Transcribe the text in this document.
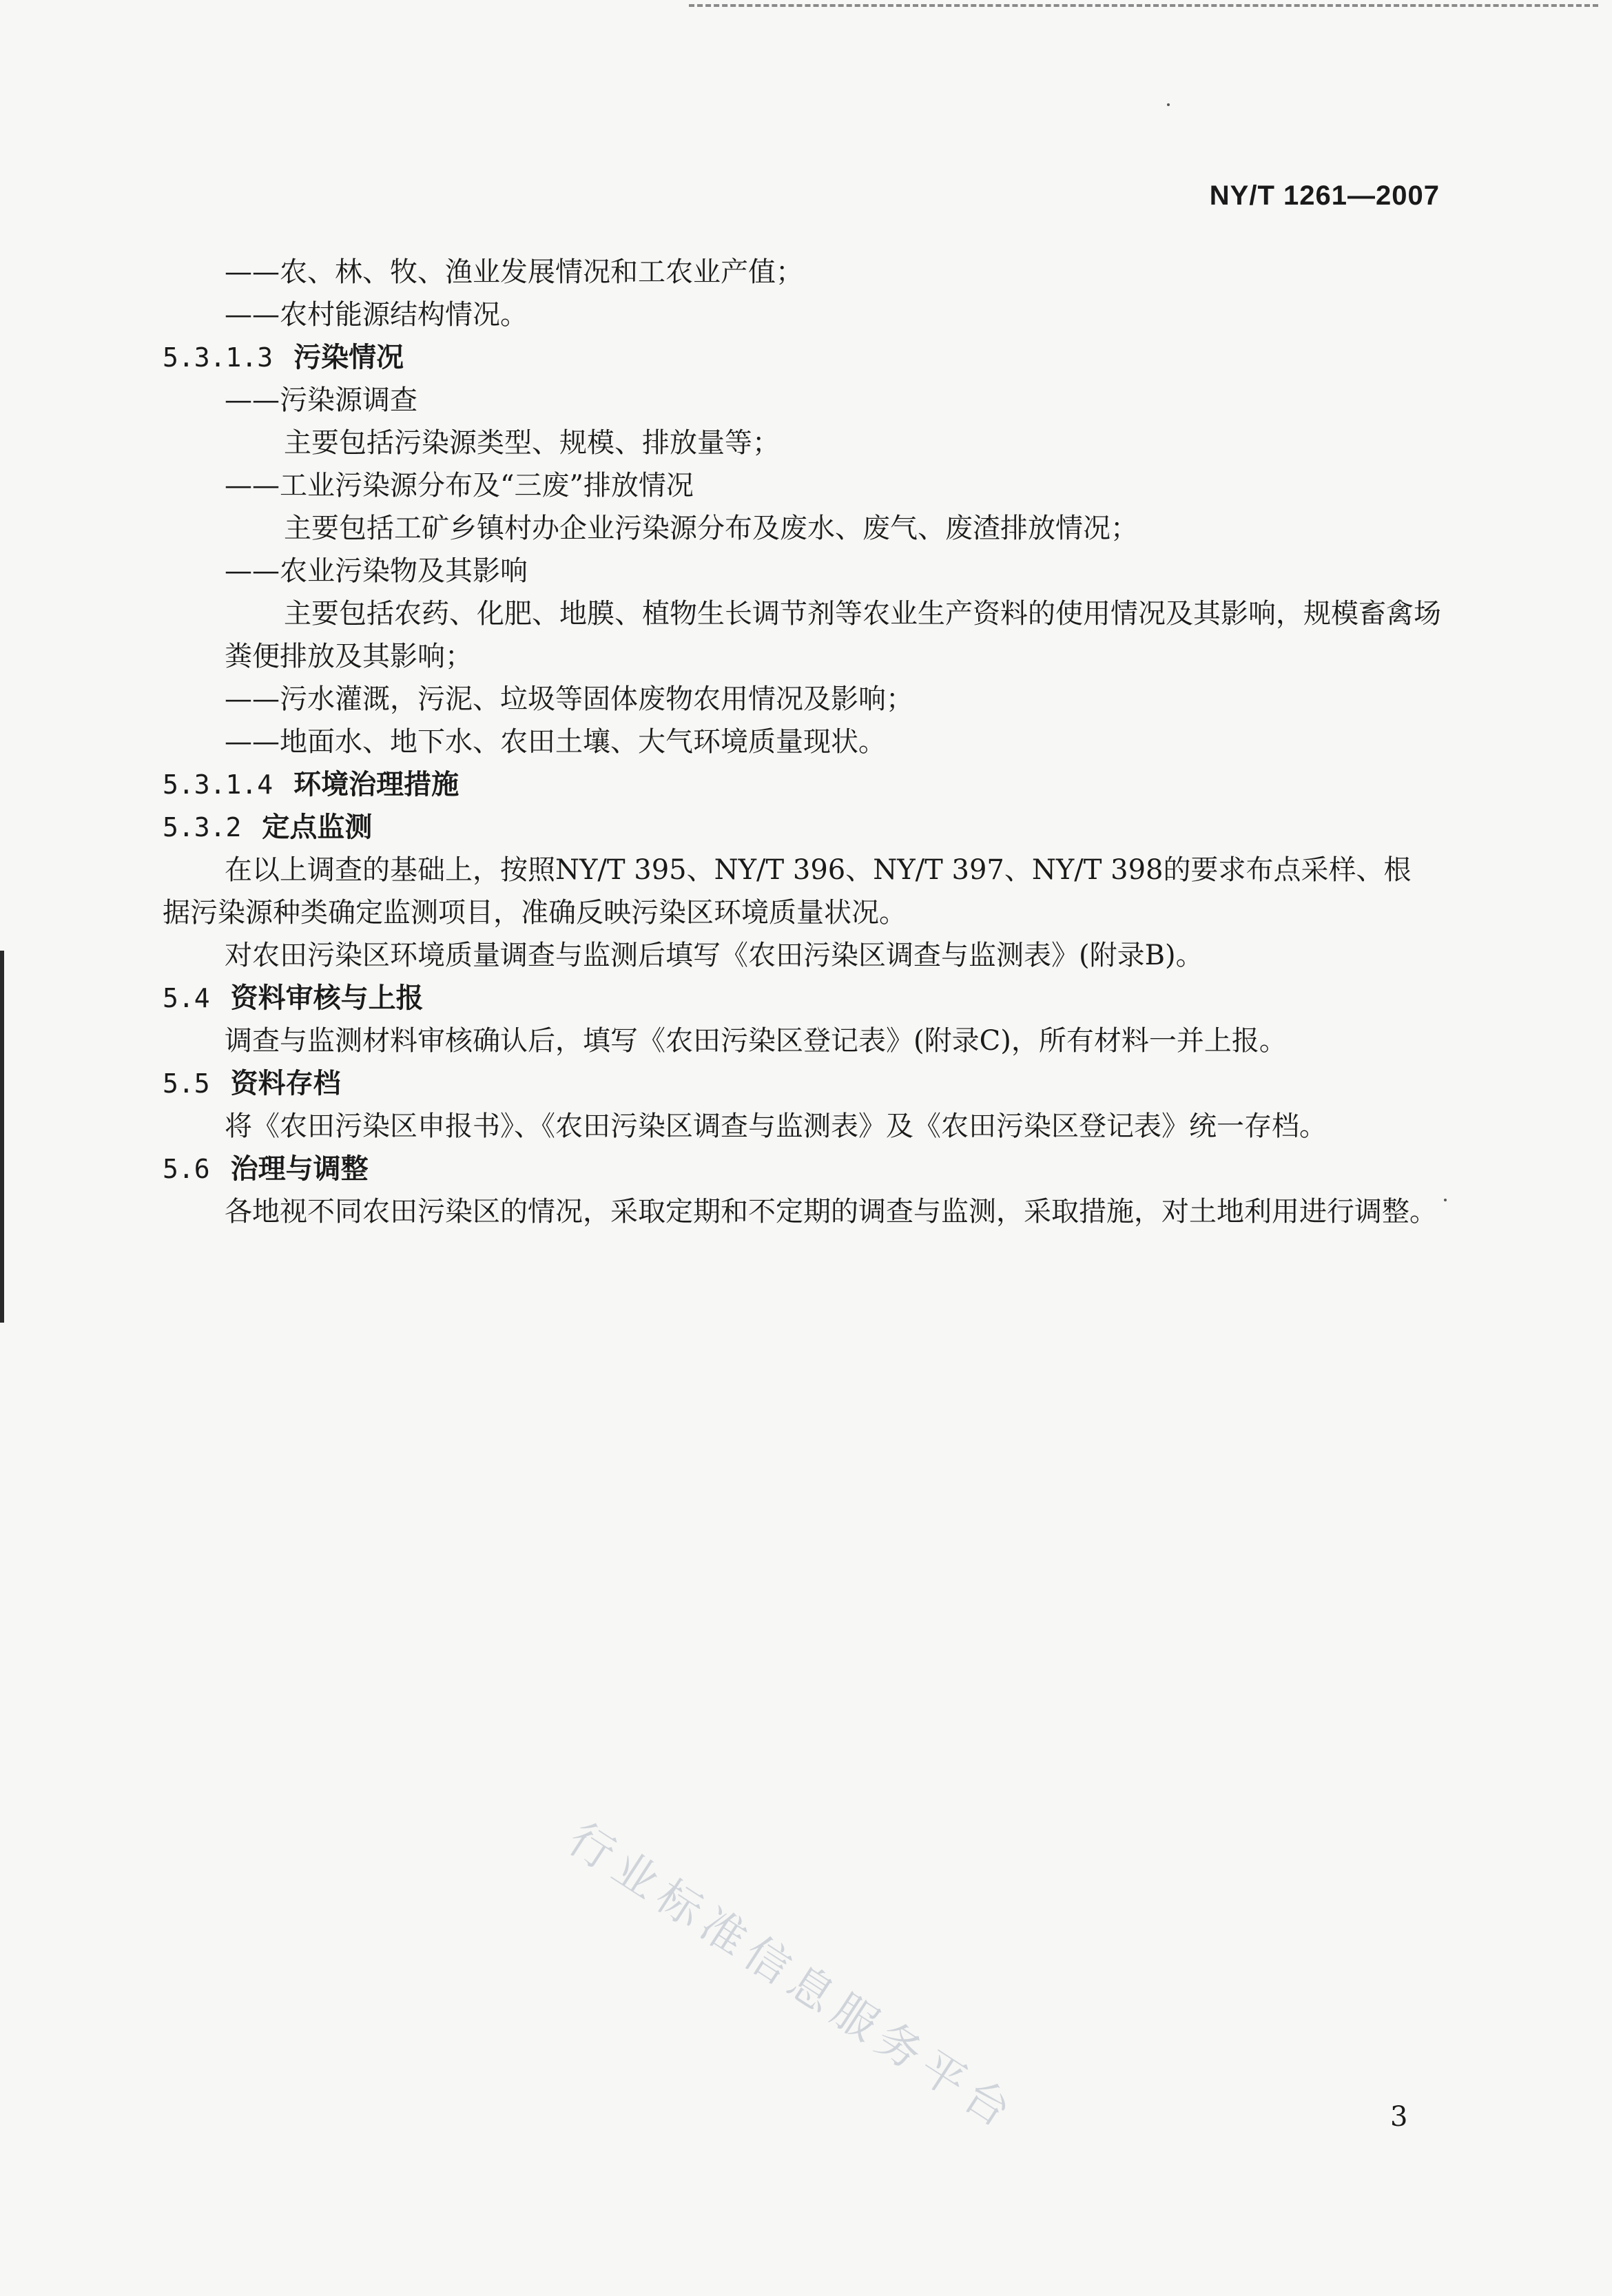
NY/T 1261—2007
——农、林、牧、渔业发展情况和工农业产值；
——农村能源结构情况。
5.3.1.3 污染情况
——污染源调查
主要包括污染源类型、规模、排放量等；
——工业污染源分布及“三废”排放情况
主要包括工矿乡镇村办企业污染源分布及废水、废气、废渣排放情况；
——农业污染物及其影响
主要包括农药、化肥、地膜、植物生长调节剂等农业生产资料的使用情况及其影响，规模畜禽场
粪便排放及其影响；
——污水灌溉，污泥、垃圾等固体废物农用情况及影响；
——地面水、地下水、农田土壤、大气环境质量现状。
5.3.1.4 环境治理措施
5.3.2 定点监测
在以上调查的基础上，按照NY/T 395、NY/T 396、NY/T 397、NY/T 398的要求布点采样、根
据污染源种类确定监测项目，准确反映污染区环境质量状况。
对农田污染区环境质量调查与监测后填写《农田污染区调查与监测表》(附录B)。
5.4 资料审核与上报
调查与监测材料审核确认后，填写《农田污染区登记表》(附录C)，所有材料一并上报。
5.5 资料存档
将《农田污染区申报书》、《农田污染区调查与监测表》及《农田污染区登记表》统一存档。
5.6 治理与调整
各地视不同农田污染区的情况，采取定期和不定期的调查与监测，采取措施，对土地利用进行调整。
行业标准信息服务平台	3
